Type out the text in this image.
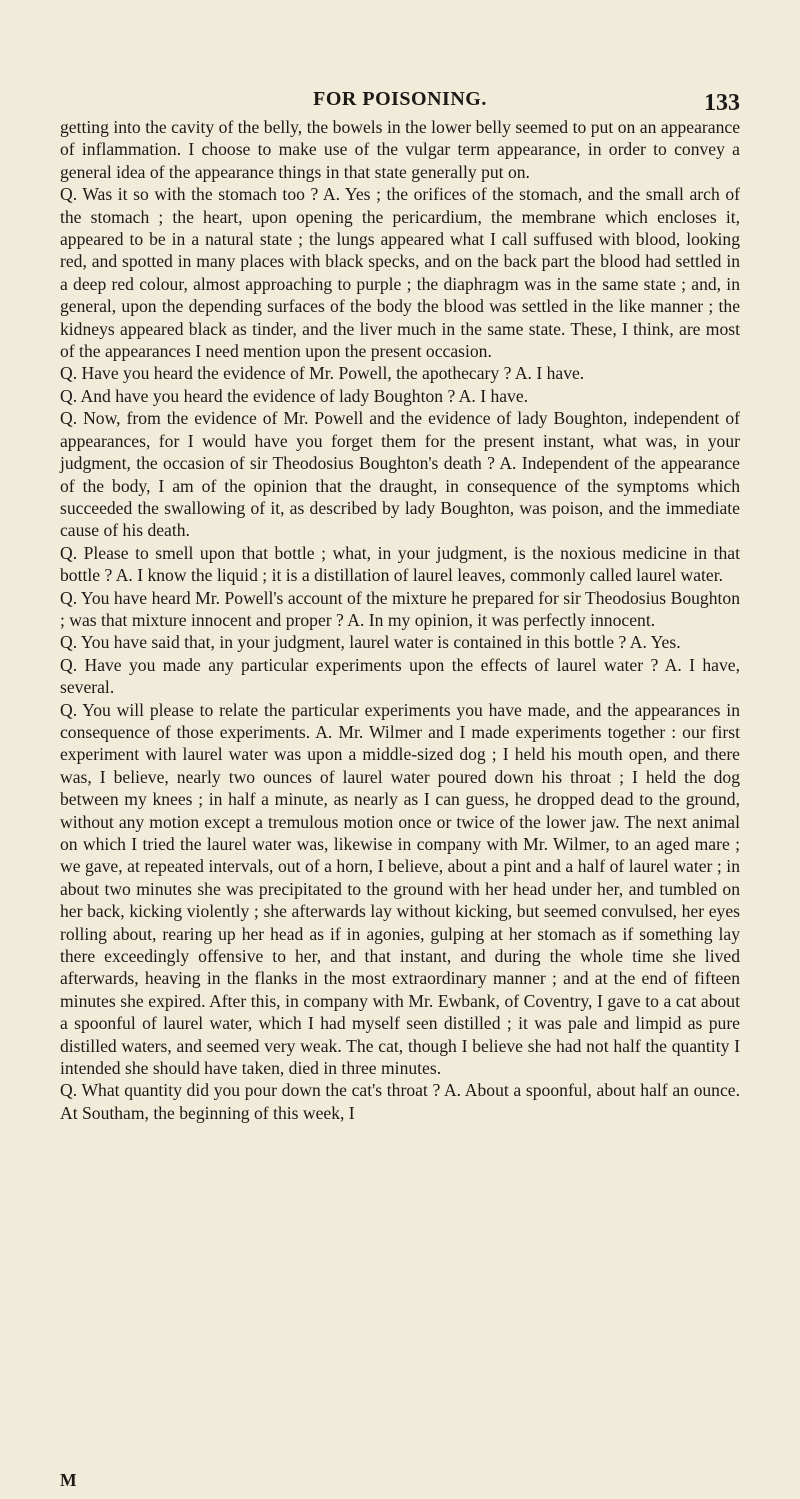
FOR POISONING.	133

getting into the cavity of the belly, the bowels in the lower belly seemed to put on an appearance of inflammation. I choose to make use of the vulgar term appearance, in order to convey a general idea of the appearance things in that state generally put on.

Q. Was it so with the stomach too ? A. Yes ; the orifices of the stomach, and the small arch of the stomach ; the heart, upon opening the pericardium, the membrane which encloses it, appeared to be in a natural state ; the lungs appeared what I call suffused with blood, looking red, and spotted in many places with black specks, and on the back part the blood had settled in a deep red colour, almost approaching to purple ; the diaphragm was in the same state ; and, in general, upon the depending surfaces of the body the blood was settled in the like manner ; the kidneys appeared black as tinder, and the liver much in the same state. These, I think, are most of the appearances I need mention upon the present occasion.

Q. Have you heard the evidence of Mr. Powell, the apothecary ? A. I have.

Q. And have you heard the evidence of lady Boughton ? A. I have.

Q. Now, from the evidence of Mr. Powell and the evidence of lady Boughton, independent of appearances, for I would have you forget them for the present instant, what was, in your judgment, the occasion of sir Theodosius Boughton's death ? A. Independent of the appearance of the body, I am of the opinion that the draught, in consequence of the symptoms which succeeded the swallowing of it, as described by lady Boughton, was poison, and the immediate cause of his death.

Q. Please to smell upon that bottle ; what, in your judgment, is the noxious medicine in that bottle ? A. I know the liquid ; it is a distillation of laurel leaves, commonly called laurel water.

Q. You have heard Mr. Powell's account of the mixture he prepared for sir Theodosius Boughton ; was that mixture innocent and proper ? A. In my opinion, it was perfectly innocent.

Q. You have said that, in your judgment, laurel water is contained in this bottle ? A. Yes.

Q. Have you made any particular experiments upon the effects of laurel water ? A. I have, several.

Q. You will please to relate the particular experiments you have made, and the appearances in consequence of those experiments. A. Mr. Wilmer and I made experiments together : our first experiment with laurel water was upon a middle-sized dog ; I held his mouth open, and there was, I believe, nearly two ounces of laurel water poured down his throat ; I held the dog between my knees ; in half a minute, as nearly as I can guess, he dropped dead to the ground, without any motion except a tremulous motion once or twice of the lower jaw. The next animal on which I tried the laurel water was, likewise in company with Mr. Wilmer, to an aged mare ; we gave, at repeated intervals, out of a horn, I believe, about a pint and a half of laurel water ; in about two minutes she was precipitated to the ground with her head under her, and tumbled on her back, kicking violently ; she afterwards lay without kicking, but seemed convulsed, her eyes rolling about, rearing up her head as if in agonies, gulping at her stomach as if something lay there exceedingly offensive to her, and that instant, and during the whole time she lived afterwards, heaving in the flanks in the most extraordinary manner ; and at the end of fifteen minutes she expired. After this, in company with Mr. Ewbank, of Coventry, I gave to a cat about a spoonful of laurel water, which I had myself seen distilled ; it was pale and limpid as pure distilled waters, and seemed very weak. The cat, though I believe she had not half the quantity I intended she should have taken, died in three minutes.

Q. What quantity did you pour down the cat's throat ? A. About a spoonful, about half an ounce. At Southam, the beginning of this week, I

M
